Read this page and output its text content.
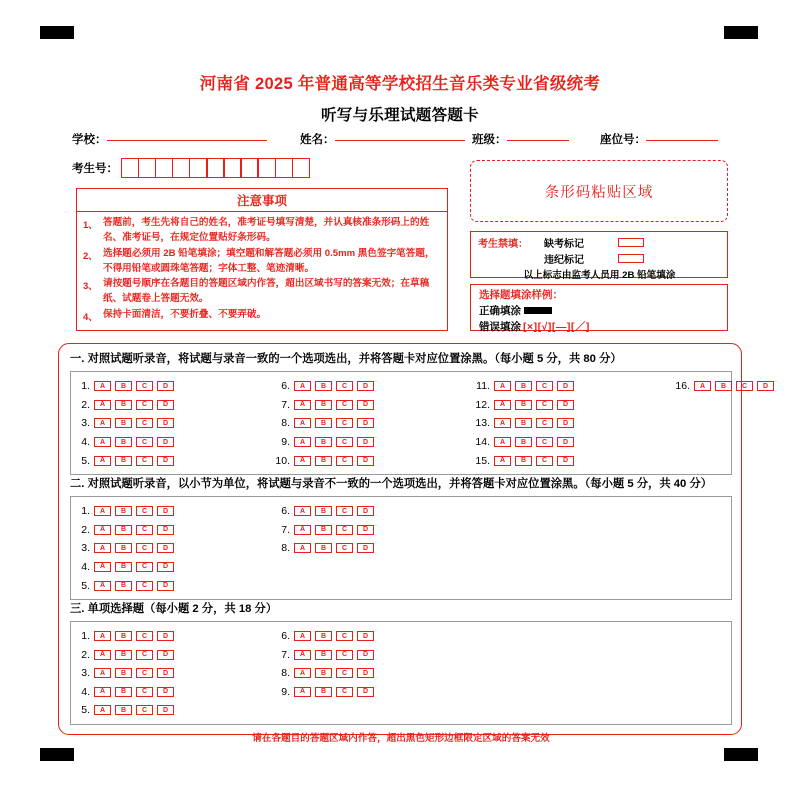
河南省 2025 年普通高等学校招生音乐类专业省级统考
听写与乐理试题答题卡
学校：	姓名：	班级：	座位号：
考生号：
注意事项
1、 答题前，考生先将自己的姓名，准考证号填写清楚，并认真核准条形码上的姓名、准考证号，在规定位置贴好条形码。
2、 选择题必须用 2B 铅笔填涂；填空题和解答题必须用 0.5mm 黑色签字笔答题，不得用铅笔或圆珠笔答题；字体工整、笔迹清晰。
3、 请按题号顺序在各题目的答题区域内作答，超出区域书写的答案无效；在草稿纸、试题卷上答题无效。
4、 保持卡面清洁，不要折叠、不要弄破。
条形码粘贴区域
考生禁填：	缺考标记
违纪标记
以上标志由监考人员用 2B 铅笔填涂
选择题填涂样例：
正确填涂
错误填涂 [×][√][—][／]
一. 对照试题听录音，将试题与录音一致的一个选项选出，并将答题卡对应位置涂黑。（每小题 5 分，共 80 分）
1.	A	B	C	D
2.	A	B	C	D
3.	A	B	C	D
4.	A	B	C	D
5.	A	B	C	D
6.	A	B	C	D
7.	A	B	C	D
8.	A	B	C	D
9.	A	B	C	D
10.	A	B	C	D
11.	A	B	C	D
12.	A	B	C	D
13.	A	B	C	D
14.	A	B	C	D
15.	A	B	C	D
16.	A	B	C	D
二. 对照试题听录音，以小节为单位，将试题与录音不一致的一个选项选出，并将答题卡对应位置涂黑。（每小题 5 分，共 40 分）
1.	A	B	C	D
2.	A	B	C	D
3.	A	B	C	D
4.	A	B	C	D
5.	A	B	C	D
6.	A	B	C	D
7.	A	B	C	D
8.	A	B	C	D
三. 单项选择题（每小题 2 分，共 18 分）
1.	A	B	C	D
2.	A	B	C	D
3.	A	B	C	D
4.	A	B	C	D
5.	A	B	C	D
6.	A	B	C	D
7.	A	B	C	D
8.	A	B	C	D
9.	A	B	C	D
请在各题目的答题区域内作答，超出黑色矩形边框限定区域的答案无效
